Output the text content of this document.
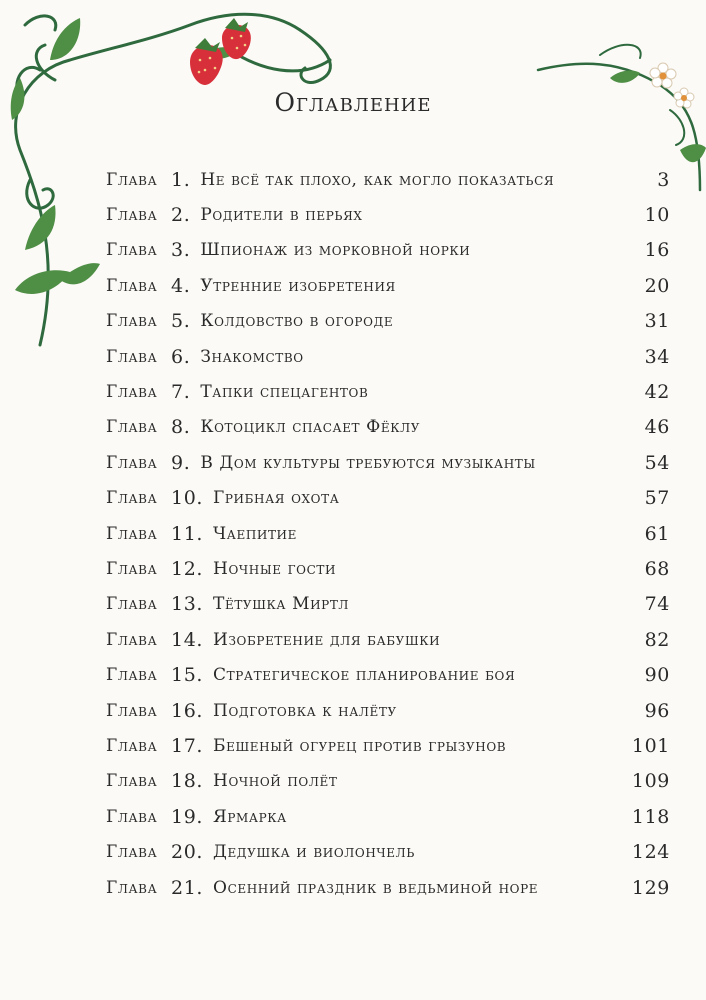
Оглавление
Глава 1. Не всё так плохо, как могло показаться	3
Глава 2. Родители в перьях	10
Глава 3. Шпионаж из морковной норки	16
Глава 4. Утренние изобретения	20
Глава 5. Колдовство в огороде	31
Глава 6. Знакомство	34
Глава 7. Тапки спецагентов	42
Глава 8. Котоцикл спасает Фёклу	46
Глава 9. В Дом культуры требуются музыканты	54
Глава 10. Грибная охота	57
Глава 11. Чаепитие	61
Глава 12. Ночные гости	68
Глава 13. Тётушка Миртл	74
Глава 14. Изобретение для бабушки	82
Глава 15. Стратегическое планирование боя	90
Глава 16. Подготовка к налёту	96
Глава 17. Бешеный огурец против грызунов	101
Глава 18. Ночной полёт	109
Глава 19. Ярмарка	118
Глава 20. Дедушка и виолончель	124
Глава 21. Осенний праздник в ведьминой норе	129
